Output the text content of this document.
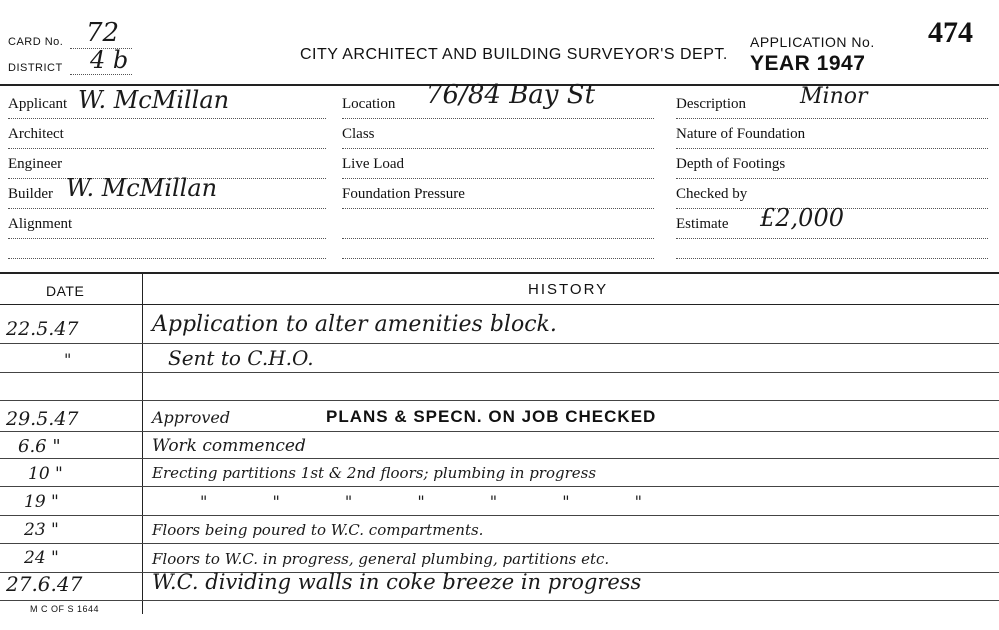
CARD No. 72
DISTRICT 4 b	CITY ARCHITECT AND BUILDING SURVEYOR'S DEPT.
APPLICATION No. 474
YEAR 1947
Applicant W. McMillan
Architect
Engineer
Builder W. McMillan
Alignment
Location 76/84 Bay St
Class
Live Load
Foundation Pressure
Description Minor
Nature of Foundation
Depth of Footings
Checked by
Estimate £2,000
DATE	HISTORY
22.5.47	Application to alter amenities block.
"	Sent to C.H.O.
29.5.47	Approved	PLANS & SPECN. ON JOB CHECKED
6.6 "	Work commenced
10 "	Erecting partitions 1st & 2nd floors; plumbing in progress
19 "	" " " " " " "
23 "	Floors being poured to W.C. compartments.
24 "	Floors to W.C. in progress, general plumbing, partitions etc.
27.6.47	W.C. dividing walls in coke breeze in progress
M C OF S 1644
